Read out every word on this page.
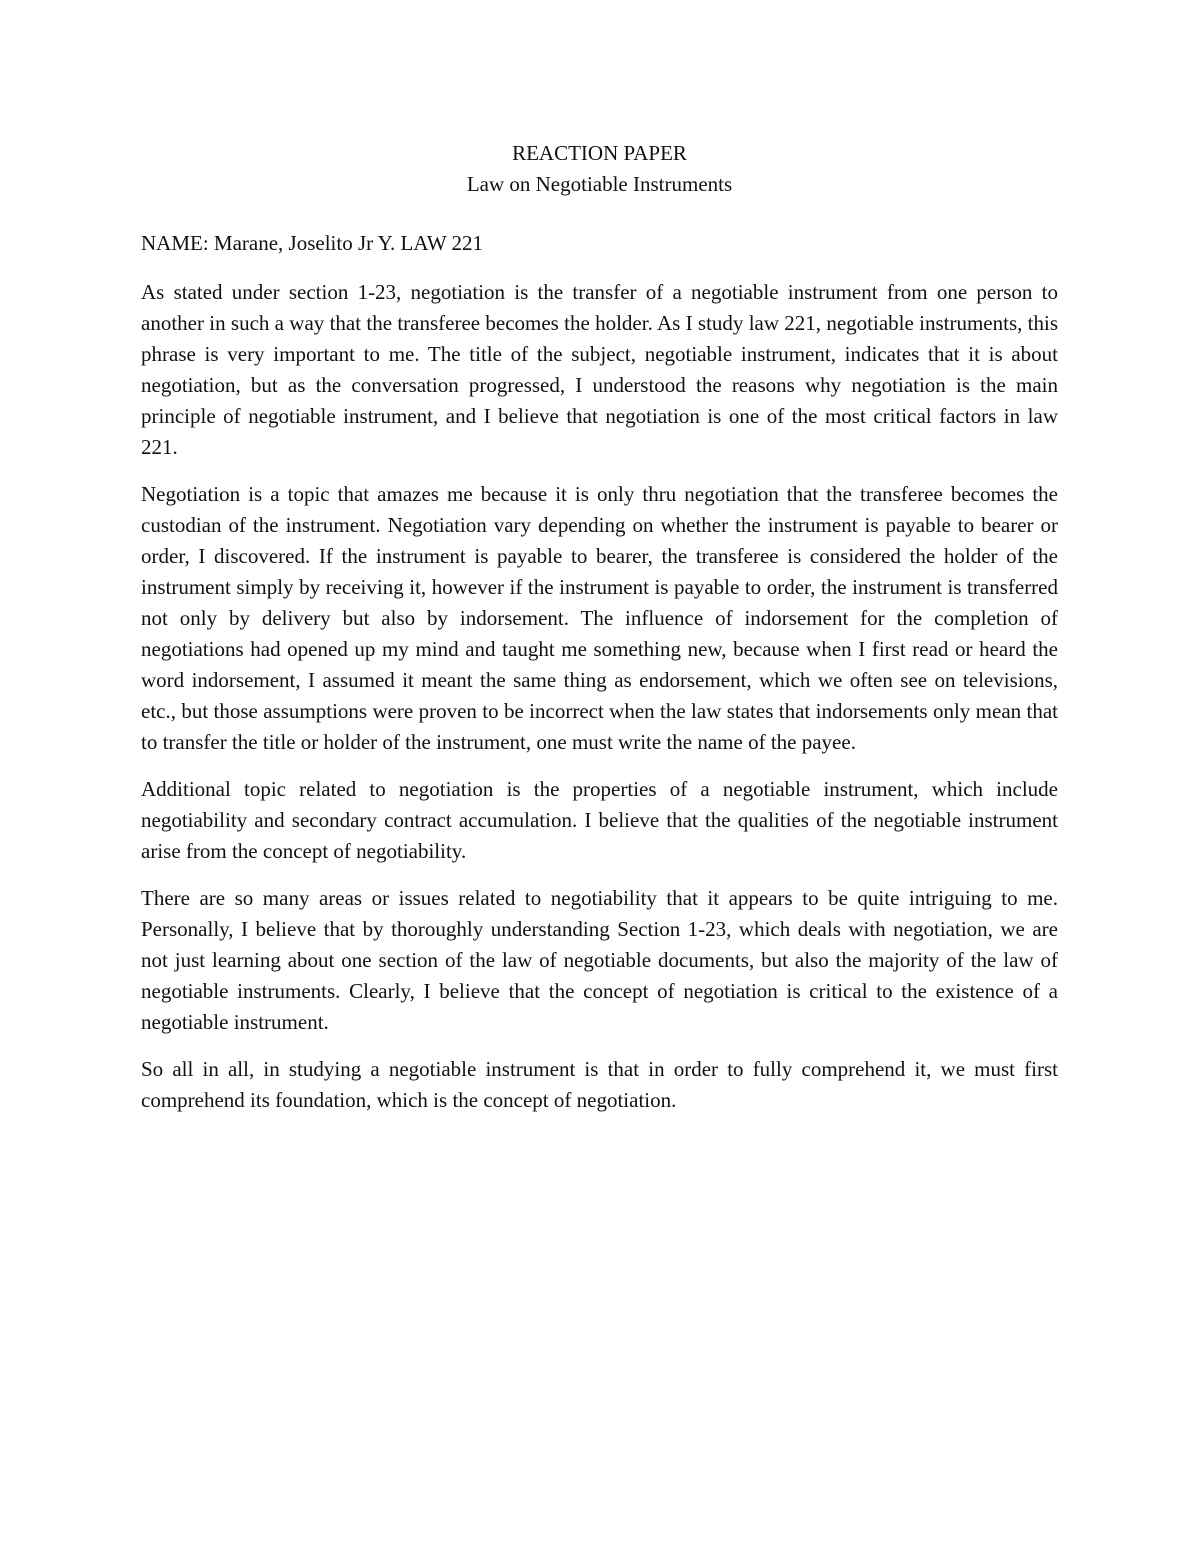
REACTION PAPER
Law on Negotiable Instruments
NAME: Marane, Joselito Jr Y. LAW 221

As stated under section 1-23, negotiation is the transfer of a negotiable instrument from one person to another in such a way that the transferee becomes the holder. As I study law 221, negotiable instruments, this phrase is very important to me. The title of the subject, negotiable instrument, indicates that it is about negotiation, but as the conversation progressed, I understood the reasons why negotiation is the main principle of negotiable instrument, and I believe that negotiation is one of the most critical factors in law 221.

Negotiation is a topic that amazes me because it is only thru negotiation that the transferee becomes the custodian of the instrument. Negotiation vary depending on whether the instrument is payable to bearer or order, I discovered. If the instrument is payable to bearer, the transferee is considered the holder of the instrument simply by receiving it, however if the instrument is payable to order, the instrument is transferred not only by delivery but also by indorsement. The influence of indorsement for the completion of negotiations had opened up my mind and taught me something new, because when I first read or heard the word indorsement, I assumed it meant the same thing as endorsement, which we often see on televisions, etc., but those assumptions were proven to be incorrect when the law states that indorsements only mean that to transfer the title or holder of the instrument, one must write the name of the payee.

Additional topic related to negotiation is the properties of a negotiable instrument, which include negotiability and secondary contract accumulation. I believe that the qualities of the negotiable instrument arise from the concept of negotiability.

There are so many areas or issues related to negotiability that it appears to be quite intriguing to me. Personally, I believe that by thoroughly understanding Section 1-23, which deals with negotiation, we are not just learning about one section of the law of negotiable documents, but also the majority of the law of negotiable instruments. Clearly, I believe that the concept of negotiation is critical to the existence of a negotiable instrument.

So all in all, in studying a negotiable instrument is that in order to fully comprehend it, we must first comprehend its foundation, which is the concept of negotiation.
